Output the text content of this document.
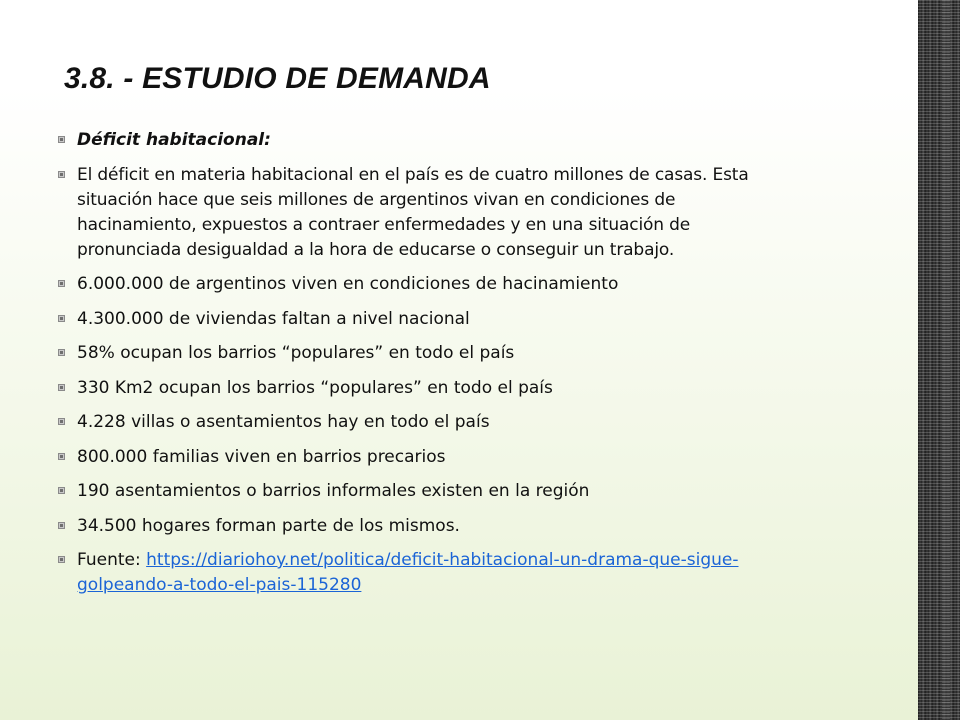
3.8. - ESTUDIO DE DEMANDA
Déficit habitacional:
El déficit en materia habitacional en el país es de cuatro millones de casas. Esta
situación hace que seis millones de argentinos vivan en condiciones de
hacinamiento, expuestos a contraer enfermedades y en una situación de
pronunciada desigualdad a la hora de educarse o conseguir un trabajo.
6.000.000 de argentinos viven en condiciones de hacinamiento
4.300.000 de viviendas faltan a nivel nacional
58% ocupan los barrios “populares” en todo el país
330 Km2 ocupan los barrios “populares” en todo el país
4.228 villas o asentamientos hay en todo el país
800.000 familias viven en barrios precarios
190 asentamientos o barrios informales existen en la región
34.500 hogares forman parte de los mismos.
Fuente: https://diariohoy.net/politica/deficit-habitacional-un-drama-que-sigue-
golpeando-a-todo-el-pais-115280
